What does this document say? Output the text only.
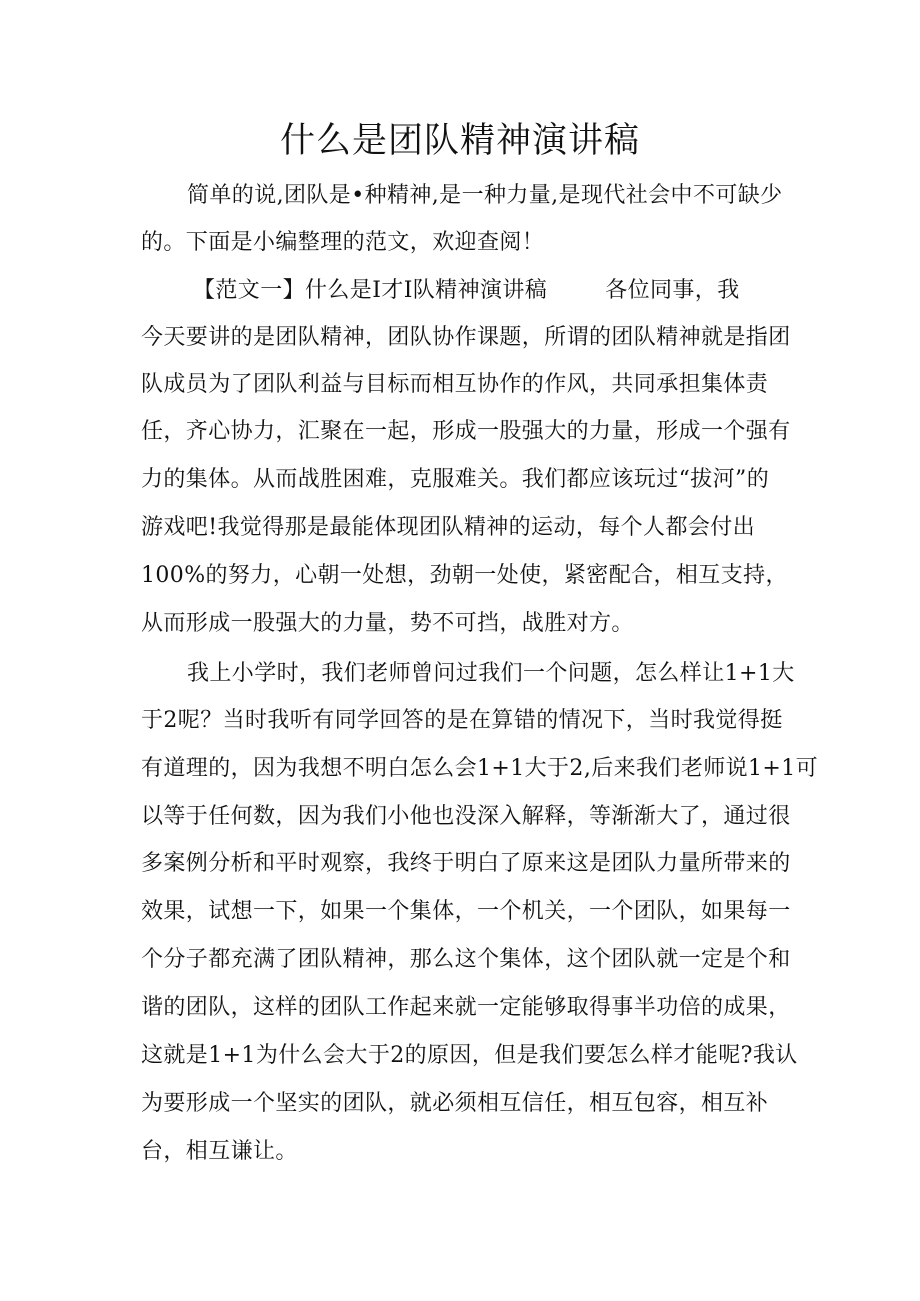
什么是团队精神演讲稿
简单的说,团队是•种精神,是一种力量,是现代社会中不可缺少
的。下面是小编整理的范文，欢迎查阅！
【范文一】什么是I才I队精神演讲稿	各位同事，我
今天要讲的是团队精神，团队协作课题，所谓的团队精神就是指团
队成员为了团队利益与目标而相互协作的作风，共同承担集体责
任，齐心协力，汇聚在一起，形成一股强大的力量，形成一个强有
力的集体。从而战胜困难，克服难关。我们都应该玩过“拔河”的
游戏吧!我觉得那是最能体现团队精神的运动，每个人都会付出
100%的努力，心朝一处想，劲朝一处使，紧密配合，相互支持，
从而形成一股强大的力量，势不可挡，战胜对方。
我上小学时，我们老师曾问过我们一个问题，怎么样让1+1大
于2呢？当时我听有同学回答的是在算错的情况下，当时我觉得挺
有道理的，因为我想不明白怎么会1+1大于2,后来我们老师说1+1可
以等于任何数，因为我们小他也没深入解释，等渐渐大了，通过很
多案例分析和平时观察，我终于明白了原来这是团队力量所带来的
效果，试想一下，如果一个集体，一个机关，一个团队，如果每一
个分子都充满了团队精神，那么这个集体，这个团队就一定是个和
谐的团队，这样的团队工作起来就一定能够取得事半功倍的成果，
这就是1+1为什么会大于2的原因，但是我们要怎么样才能呢?我认
为要形成一个坚实的团队，就必须相互信任，相互包容，相互补
台，相互谦让。
